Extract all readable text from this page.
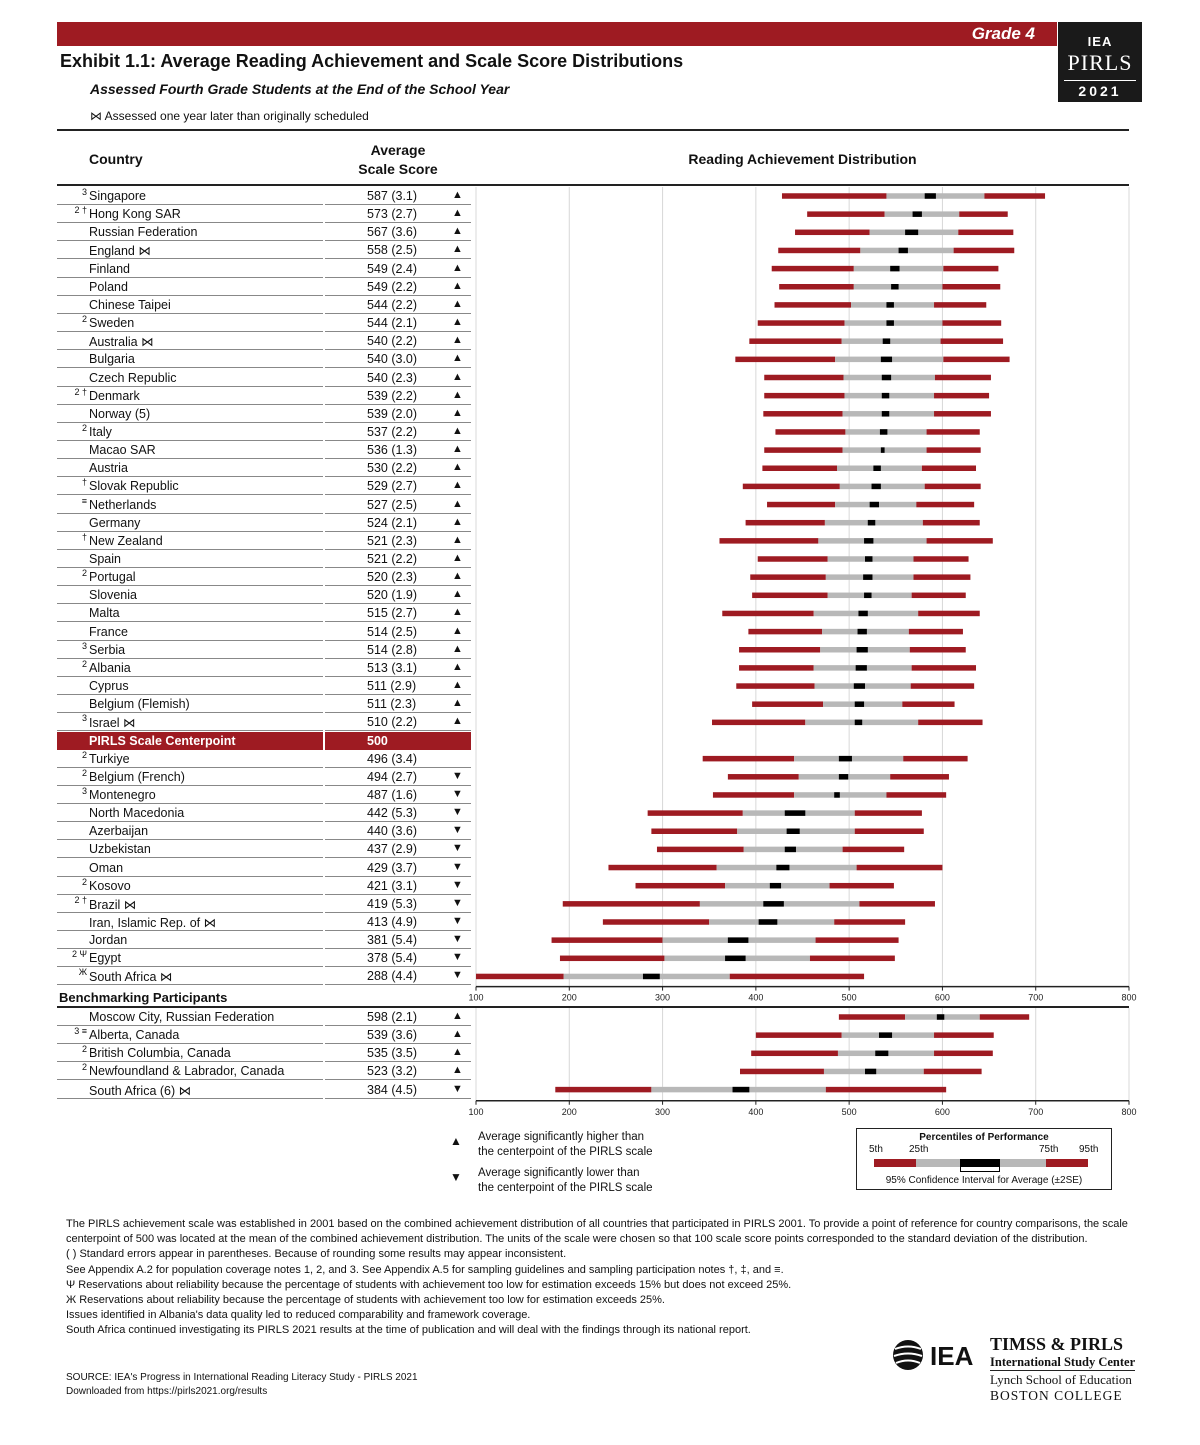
Grade 4	IEA
PIRLS
2021
Exhibit 1.1: Average Reading Achievement and Scale Score Distributions
Assessed Fourth Grade Students at the End of the School Year
⋈ Assessed one year later than originally scheduled
Country
Average
Scale Score
Reading Achievement Distribution
3 Singapore	587 (3.1)	▲
2 † Hong Kong SAR	573 (2.7)	▲
Russian Federation	567 (3.6)	▲
England ⋈	558 (2.5)	▲
Finland	549 (2.4)	▲
Poland	549 (2.2)	▲
Chinese Taipei	544 (2.2)	▲
2 Sweden	544 (2.1)	▲
Australia ⋈	540 (2.2)	▲
Bulgaria	540 (3.0)	▲
Czech Republic	540 (2.3)	▲
2 † Denmark	539 (2.2)	▲
Norway (5)	539 (2.0)	▲
2 Italy	537 (2.2)	▲
Macao SAR	536 (1.3)	▲
Austria	530 (2.2)	▲
† Slovak Republic	529 (2.7)	▲
≡ Netherlands	527 (2.5)	▲
Germany	524 (2.1)	▲
† New Zealand	521 (2.3)	▲
Spain	521 (2.2)	▲
2 Portugal	520 (2.3)	▲
Slovenia	520 (1.9)	▲
Malta	515 (2.7)	▲
France	514 (2.5)	▲
3 Serbia	514 (2.8)	▲
2 Albania	513 (3.1)	▲
Cyprus	511 (2.9)	▲
Belgium (Flemish)	511 (2.3)	▲
3 Israel ⋈	510 (2.2)	▲
PIRLS Scale Centerpoint	500
2 Turkiye	496 (3.4)
2 Belgium (French)	494 (2.7)	▼
3 Montenegro	487 (1.6)	▼
North Macedonia	442 (5.3)	▼
Azerbaijan	440 (3.6)	▼
Uzbekistan	437 (2.9)	▼
Oman	429 (3.7)	▼
2 Kosovo	421 (3.1)	▼
2 † Brazil ⋈	419 (5.3)	▼
Iran, Islamic Rep. of ⋈	413 (4.9)	▼
Jordan	381 (5.4)	▼
2 Ψ Egypt	378 (5.4)	▼
Ж South Africa ⋈	288 (4.4)	▼
Moscow City, Russian Federation	598 (2.1)	▲
3 ≡ Alberta, Canada	539 (3.6)	▲
2 British Columbia, Canada	535 (3.5)	▲
2 Newfoundland & Labrador, Canada	523 (3.2)	▲
South Africa (6) ⋈	384 (4.5)	▼
Benchmarking Participants	100	200	300	400	500	600	700	800
100	200	300	400	500	600	700	800
▲ Average significantly higher than
the centerpoint of the PIRLS scale
▼ Average significantly lower than
the centerpoint of the PIRLS scale
Percentiles of Performance
5th	25th	75th 95th
95% Confidence Interval for Average (±2SE)

The PIRLS achievement scale was established in 2001 based on the combined achievement distribution of all countries that participated in PIRLS 2001. To provide a point of reference for country comparisons, the scale centerpoint of 500 was located at the mean of the combined achievement distribution. The units of the scale were chosen so that 100 scale score points corresponded to the standard deviation of the distribution.

( ) Standard errors appear in parentheses. Because of rounding some results may appear inconsistent.

See Appendix A.2 for population coverage notes 1, 2, and 3. See Appendix A.5 for sampling guidelines and sampling participation notes †, ‡, and ≡.

Ψ Reservations about reliability because the percentage of students with achievement too low for estimation exceeds 15% but does not exceed 25%.

Ж Reservations about reliability because the percentage of students with achievement too low for estimation exceeds 25%.

Issues identified in Albania's data quality led to reduced comparability and framework coverage.

South Africa continued investigating its PIRLS 2021 results at the time of publication and will deal with the findings through its national report.

SOURCE: IEA's Progress in International Reading Literacy Study - PIRLS 2021
Downloaded from https://pirls2021.org/results
IEA TIMSS & PIRLS
International Study Center
Lynch School of Education
BOSTON COLLEGE
